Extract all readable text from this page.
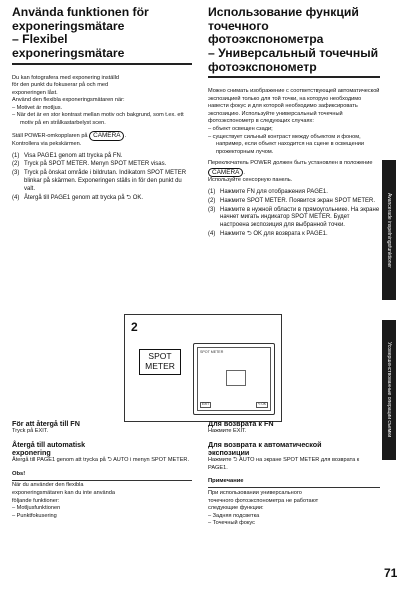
Använda funktionen för
exponeringsmätare
– Flexibel
exponeringsmätare

Du kan fotografera med exponering inställd

för den punkt du fokuserar på och med

exponeringen låst.

Använd den flexibla exponeringsmätaren när:

– Motivet är motljus.

– När det är en stor kontrast mellan motiv och bakgrund, som t.ex. ett motiv på en strålkastarbelyst scen.

Ställ POWER-omkopplaren på CAMERA .

Kontrollera via pekskärmen.

(1) Visa PAGE1 genom att trycka på FN.
(2) Tryck på SPOT METER. Menyn SPOT METER visas.
(3) Tryck på önskat område i bildrutan. Indikatorn SPOT METER blinkar på skärmen. Exponeringen ställs in för den punkt du valt.
(4) Återgå till PAGE1 genom att trycka på ⮌ OK.
Использование функций
точечного фотоэкспонометра
– Универсальный точечный
фотоэкспонометр

Можно снимать изображение с соответствующей автоматической экспозицией только для той точки, на которую необходимо навести фокус и для которой необходимо зафиксировать экспозицию. Используйте универсальный точечный фотоэкспонометр в следующих случаях:

– объект освещен сзади;

– существует сильный контраст между объектом и фоном, например, если объект находится на сцене в освещении прожекторным лучом.

Переключатель POWER должен быть установлен в положение CAMERA .

Используйте сенсорную панель.

(1) Нажмите FN для отображения PAGE1.
(2) Нажмите SPOT METER. Появится экран SPOT METER.
(3) Нажмите в нужной области в прямоугольнике. На экране начнет мигать индикатор SPOT METER. Будет настроена экспозиция для выбранной точки.
(4) Нажмите ⮌ OK для возврата к PAGE1.
2
SPOT
METER
SPOT METER
EXIT	⮌ OK
För att återgå till FN

Tryck på EXIT.

Återgå till automatisk
exponering

Återgå till PAGE1 genom att trycka på ⮌ AUTO i menyn SPOT METER.

Obs!

När du använder den flexibla

exponeringsmätaren kan du inte använda

följande funktioner:

– Motljusfunktionen

– Punktfokusering

Для возврата к FN

Нажмите EXIT.

Для возврата к автоматической
экспозиции

Нажмите ⮌ AUTO на экране SPOT METER для возврата к PAGE1.

Примечание

При использовании универсального

точечного фотоэкспонометра не работают

следующие функции:

– Задняя подсветка

– Точечный фокус

Avancerade inspelningsfunktioner
Усовершенствованные операции съемки
71
